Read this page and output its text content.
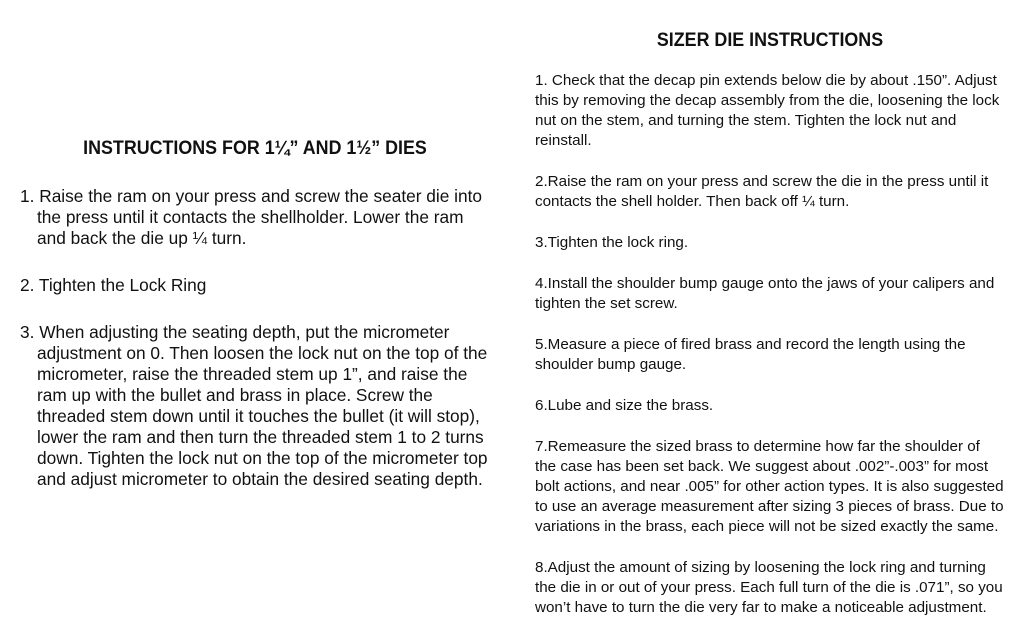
INSTRUCTIONS FOR 1¼” AND 1½” DIES

1. Raise the ram on your press and screw the seater die into the press until it contacts the shellholder. Lower the ram and back the die up ¼ turn.

2. Tighten the Lock Ring

3. When adjusting the seating depth, put the micrometer adjustment on 0. Then loosen the lock nut on the top of the micrometer, raise the threaded stem up 1”, and raise the ram up with the bullet and brass in place. Screw the threaded stem down until it touches the bullet (it will stop), lower the ram and then turn the threaded stem 1 to 2 turns down. Tighten the lock nut on the top of the micrometer top and adjust micrometer to obtain the desired seating depth.

SIZER DIE INSTRUCTIONS

1. Check that the decap pin extends below die by about .150”. Adjust this by removing the decap assembly from the die, loosening the lock nut on the stem, and turning the stem. Tighten the lock nut and reinstall.

2.Raise the ram on your press and screw the die in the press until it contacts the shell holder. Then back off ¼ turn.

3.Tighten the lock ring.

4.Install the shoulder bump gauge onto the jaws of your calipers and tighten the set screw.

5.Measure a piece of fired brass and record the length using the shoulder bump gauge.

6.Lube and size the brass.

7.Remeasure the sized brass to determine how far the shoulder of the case has been set back. We suggest about .002”-.003” for most bolt actions, and near .005” for other action types. It is also suggested to use an average measurement after sizing 3 pieces of brass. Due to variations in the brass, each piece will not be sized exactly the same.

8.Adjust the amount of sizing by loosening the lock ring and turning the die in or out of your press. Each full turn of the die is .071”, so you won’t have to turn the die very far to make a noticeable adjustment.
